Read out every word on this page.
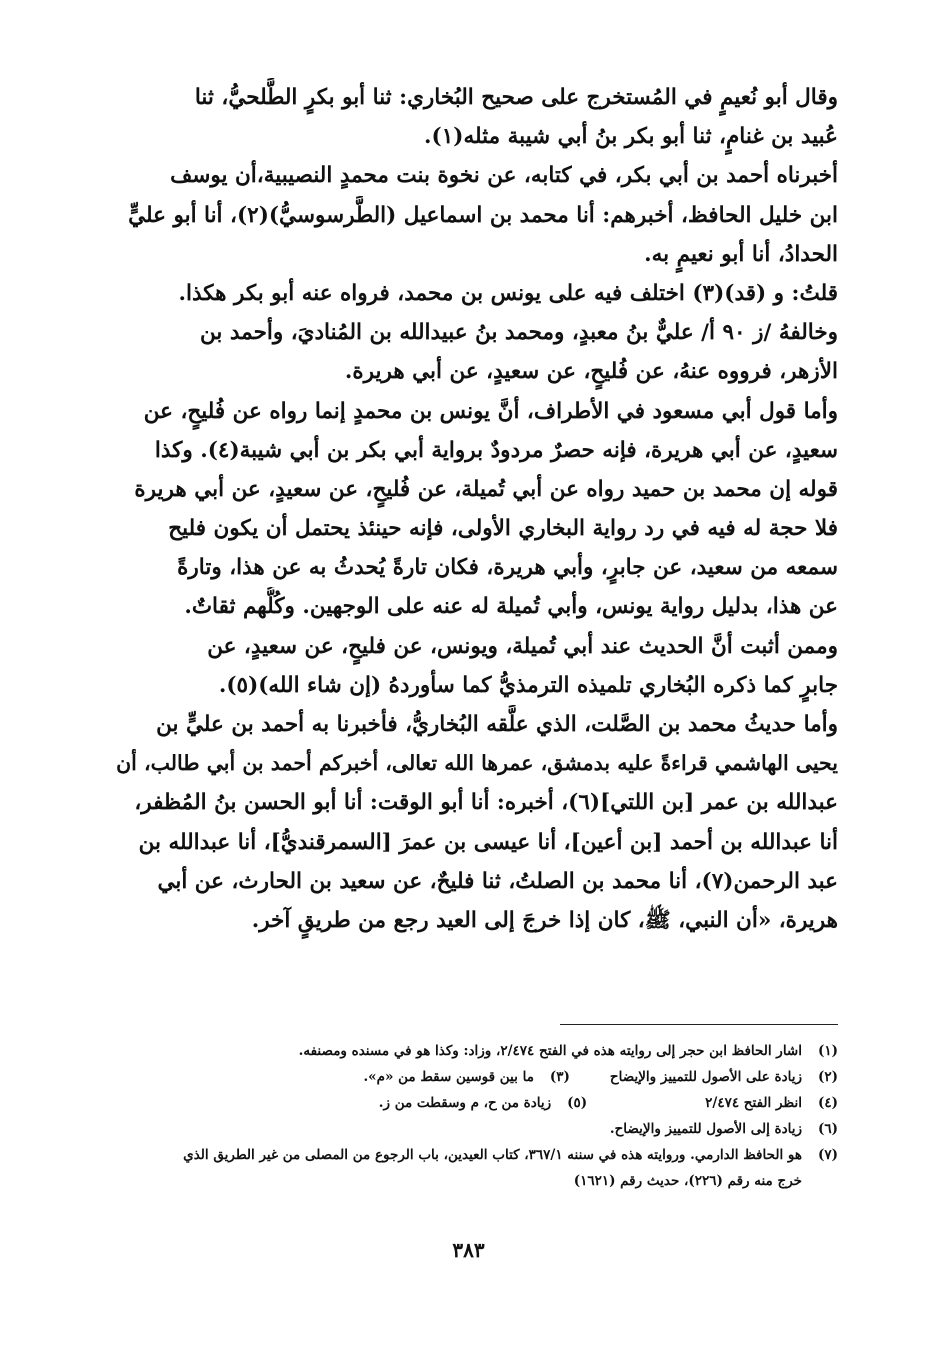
وقال أبو نُعيمٍ في المُستخرج على صحيح البُخاري: ثنا أبو بكرٍ الطَّلحيُّ، ثنا
عُبيد بن غنامٍ، ثنا أبو بكر بنُ أبي شيبة مثله(١).
أخبرناه أحمد بن أبي بكر، في كتابه، عن نخوة بنت محمدٍ النصيبية،أن يوسف
ابن خليل الحافظ، أخبرهم: أنا محمد بن اسماعيل (الطَّرسوسيُّ)(٢)، أنا أبو عليٍّ
الحدادُ، أنا أبو نعيمٍ به.
قلتُ: و (قد)(٣) اختلف فيه على يونس بن محمد، فرواه عنه أبو بكر هكذا.
وخالفهُ /ز ٩٠ أ/ عليٌّ بنُ معبدٍ، ومحمد بنُ عبيدالله بن المُناديَ، وأحمد بن
الأزهر، فرووه عنهُ، عن فُليحٍ، عن سعيدٍ، عن أبي هريرة.
وأما قول أبي مسعود في الأطراف، أنَّ يونس بن محمدٍ إنما رواه عن فُليحٍ، عن
سعيدٍ، عن أبي هريرة، فإنه حصرٌ مردودٌ برواية أبي بكر بن أبي شيبة(٤). وكذا
قوله إن محمد بن حميد رواه عن أبي تُميلة، عن فُليحٍ، عن سعيدٍ، عن أبي هريرة
فلا حجة له فيه في رد رواية البخاري الأولى، فإنه حينئذ يحتمل أن يكون فليح
سمعه من سعيد، عن جابرٍ، وأبي هريرة، فكان تارةً يُحدثُ به عن هذا، وتارةً
عن هذا، بدليل رواية يونس، وأبي تُميلة له عنه على الوجهين. وكُلُّهم ثقاتٌ.
وممن أثبت أنَّ الحديث عند أبي تُميلة، ويونس، عن فليحٍ، عن سعيدٍ، عن
جابرٍ كما ذكره البُخاري تلميذه الترمذيُّ كما سأوردهُ (إن شاء الله)(٥).
وأما حديثُ محمد بن الصَّلت، الذي علَّقه البُخاريُّ، فأخبرنا به أحمد بن عليٍّ بن
يحيى الهاشمي قراءةً عليه بدمشق، عمرها الله تعالى، أخبركم أحمد بن أبي طالب، أن
عبدالله بن عمر [بن اللتي](٦)، أخبره: أنا أبو الوقت: أنا أبو الحسن بنُ المُظفر،
أنا عبدالله بن أحمد [بن أعين]، أنا عيسى بن عمرَ [السمرقنديُّ]، أنا عبدالله بن
عبد الرحمن(٧)، أنا محمد بن الصلتُ، ثنا فليحٌ، عن سعيد بن الحارث، عن أبي
هريرة، «أن النبي، ﷺ، كان إذا خرجَ إلى العيد رجع من طريقٍ آخر.
(١)
اشار الحافظ ابن حجر إلى روايته هذه في الفتح ٢/٤٧٤، وزاد: وكذا هو في مسنده ومصنفه.
(٢)
زيادة على الأصول للتمييز والإيضاح
(٣)
ما بين قوسين سقط من «م».
(٤)
انظر الفتح ٢/٤٧٤
(٥)
زيادة من ح، م وسقطت من ز.
(٦)
زيادة إلى الأصول للتمييز والإيضاح.
(٧)
هو الحافظ الدارمي. وروايته هذه في سننه ٣٦٧/١، كتاب العيدين، باب الرجوع من المصلى من غير الطريق الذي
خرج منه رقم (٢٢٦)، حديث رقم (١٦٢١)
٣٨٣
